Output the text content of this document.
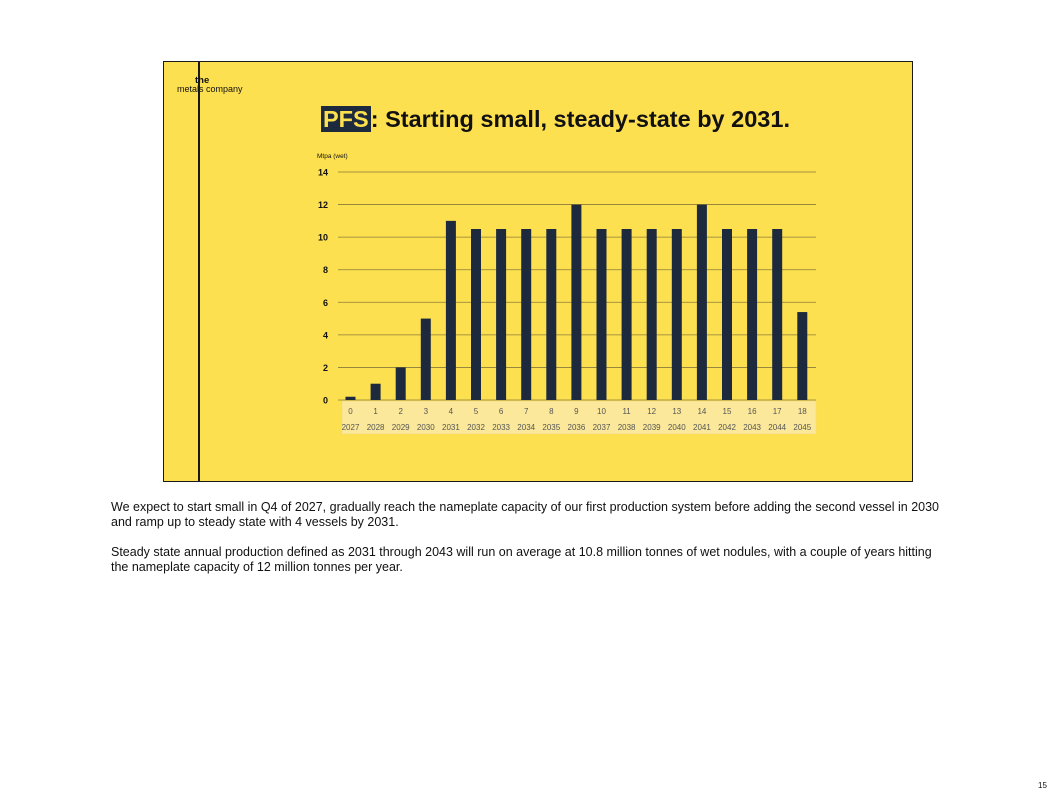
the
metals company
PFS: Starting small, steady-state by 2031.
Mtpa (wet)
0
2
4
6
8
10
12
14
0
2027
1
2028
2
2029
3
2030
4
2031
5
2032
6
2033
7
2034
8
2035
9
2036
10
2037
11
2038
12
2039
13
2040
14
2041
15
2042
16
2043
17
2044
18
2045

We expect to start small in Q4 of 2027, gradually reach the nameplate capacity of our first production system before adding the second vessel in 2030 and ramp up to steady state with 4 vessels by 2031.

Steady state annual production defined as 2031 through 2043 will run on average at 10.8 million tonnes of wet nodules, with a couple of years hitting the nameplate capacity of 12 million tonnes per year.

15
